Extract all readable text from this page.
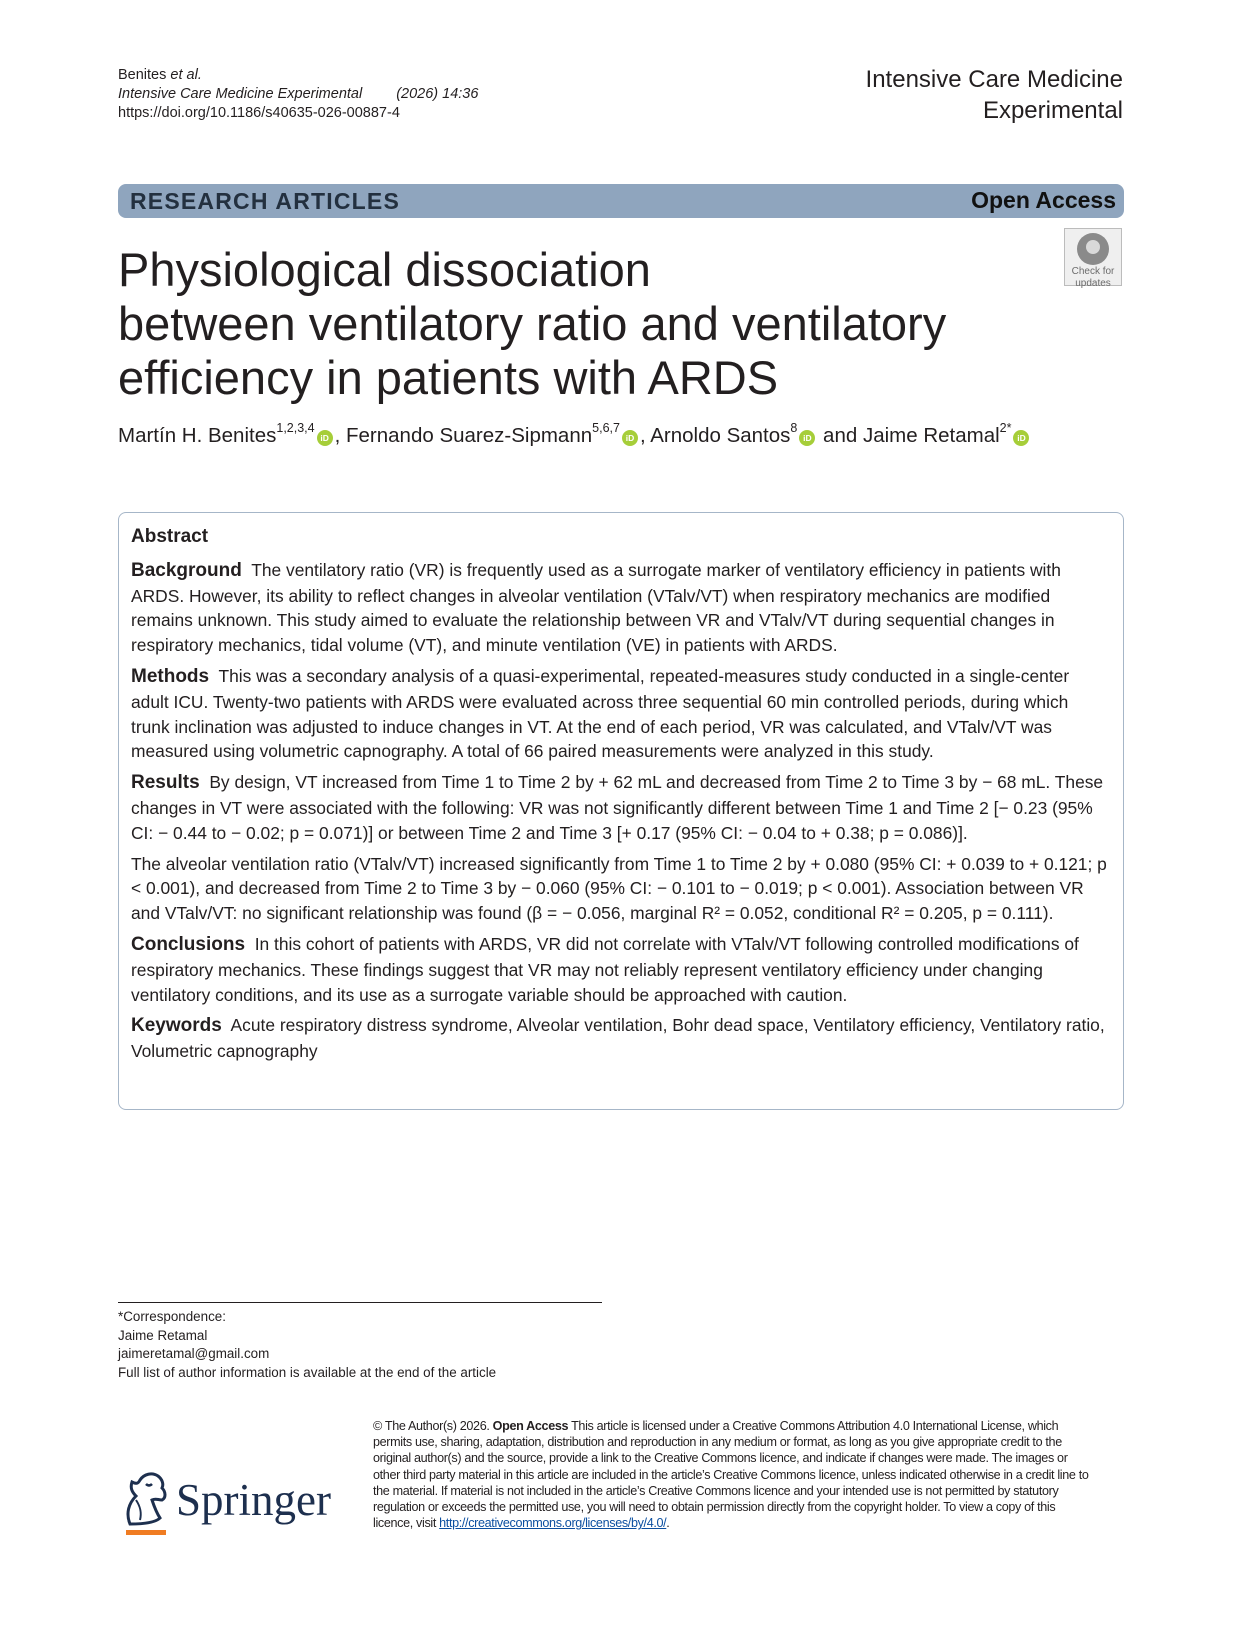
Benites et al.
Intensive Care Medicine Experimental (2026) 14:36
https://doi.org/10.1186/s40635-026-00887-4
Intensive Care Medicine
Experimental
RESEARCH ARTICLES	Open Access
Check for
updates
Physiological dissociation
between ventilatory ratio and ventilatory
efficiency in patients with ARDS
Martín H. Benites$^{1,2,3,4}$iD , Fernando Suarez-Sipmann$^{5,6,7}$iD , Arnoldo Santos$^8$iD and Jaime Retamal$^{2*}$iD
Abstract

Background The ventilatory ratio (VR) is frequently used as a surrogate marker of ventilatory efficiency in patients with ARDS. However, its ability to reflect changes in alveolar ventilation (VTalv/VT) when respiratory mechanics are modified remains unknown. This study aimed to evaluate the relationship between VR and VTalv/VT during sequential changes in respiratory mechanics, tidal volume (VT), and minute ventilation (VE) in patients with ARDS.

Methods This was a secondary analysis of a quasi-experimental, repeated-measures study conducted in a single-center adult ICU. Twenty-two patients with ARDS were evaluated across three sequential 60 min controlled periods, during which trunk inclination was adjusted to induce changes in VT. At the end of each period, VR was calculated, and VTalv/VT was measured using volumetric capnography. A total of 66 paired measurements were analyzed in this study.

Results By design, VT increased from Time 1 to Time 2 by + 62 mL and decreased from Time 2 to Time 3 by − 68 mL. These changes in VT were associated with the following: VR was not significantly different between Time 1 and Time 2 [− 0.23 (95% CI: − 0.44 to − 0.02; p = 0.071)] or between Time 2 and Time 3 [+ 0.17 (95% CI: − 0.04 to + 0.38; p = 0.086)].

The alveolar ventilation ratio (VTalv/VT) increased significantly from Time 1 to Time 2 by + 0.080 (95% CI: + 0.039 to + 0.121; p < 0.001), and decreased from Time 2 to Time 3 by − 0.060 (95% CI: − 0.101 to − 0.019; p < 0.001). Association between VR and VTalv/VT: no significant relationship was found (β = − 0.056, marginal R² = 0.052, conditional R² = 0.205, p = 0.111).

Conclusions In this cohort of patients with ARDS, VR did not correlate with VTalv/VT following controlled modifications of respiratory mechanics. These findings suggest that VR may not reliably represent ventilatory efficiency under changing ventilatory conditions, and its use as a surrogate variable should be approached with caution.

Keywords Acute respiratory distress syndrome, Alveolar ventilation, Bohr dead space, Ventilatory efficiency, Ventilatory ratio, Volumetric capnography

*Correspondence:
Jaime Retamal
jaimeretamal@gmail.com
Full list of author information is available at the end of the article
Springer
© The Author(s) 2026. Open Access This article is licensed under a Creative Commons Attribution 4.0 International License, which permits use, sharing, adaptation, distribution and reproduction in any medium or format, as long as you give appropriate credit to the original author(s) and the source, provide a link to the Creative Commons licence, and indicate if changes were made. The images or other third party material in this article are included in the article’s Creative Commons licence, unless indicated otherwise in a credit line to the material. If material is not included in the article’s Creative Commons licence and your intended use is not permitted by statutory regulation or exceeds the permitted use, you will need to obtain permission directly from the copyright holder. To view a copy of this licence, visit http://creativecommons.org/licenses/by/4.0/.
